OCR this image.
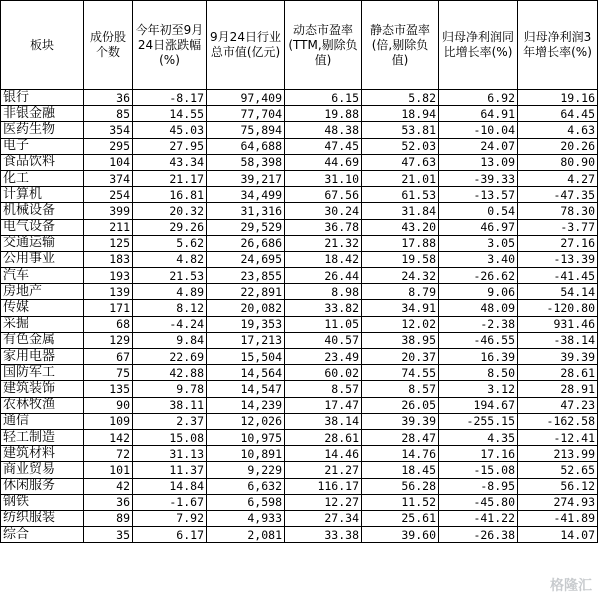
板块	成份股个数	今年初至9月24日涨跌幅(%)	9月24日行业总市值(亿元)	动态市盈率(TTM,剔除负值)	静态市盈率(倍,剔除负值)	归母净利润同比增长率(%)	归母净利润3年增长率(%)
银行	36	-8.17	97,409	6.15	5.82	6.92	19.16
非银金融	85	14.55	77,704	19.88	18.94	64.91	64.45
医药生物	354	45.03	75,894	48.38	53.81	-10.04	4.63
电子	295	27.95	64,688	47.45	52.03	24.07	20.26
食品饮料	104	43.34	58,398	44.69	47.63	13.09	80.90
化工	374	21.17	39,217	31.10	21.01	-39.33	4.27
计算机	254	16.81	34,499	67.56	61.53	-13.57	-47.35
机械设备	399	20.32	31,316	30.24	31.84	0.54	78.30
电气设备	211	29.26	29,529	36.78	43.20	46.97	-3.77
交通运输	125	5.62	26,686	21.32	17.88	3.05	27.16
公用事业	183	4.82	24,695	18.42	19.58	3.40	-13.39
汽车	193	21.53	23,855	26.44	24.32	-26.62	-41.45
房地产	139	4.89	22,891	8.98	8.79	9.06	54.14
传媒	171	8.12	20,082	33.82	34.91	48.09	-120.80
采掘	68	-4.24	19,353	11.05	12.02	-2.38	931.46
有色金属	129	9.84	17,213	40.57	38.95	-46.55	-38.14
家用电器	67	22.69	15,504	23.49	20.37	16.39	39.39
国防军工	75	42.88	14,564	60.02	74.55	8.50	28.61
建筑装饰	135	9.78	14,547	8.57	8.57	3.12	28.91
农林牧渔	90	38.11	14,239	17.47	26.05	194.67	47.23
通信	109	2.37	12,026	38.14	39.39	-255.15	-162.58
轻工制造	142	15.08	10,975	28.61	28.47	4.35	-12.41
建筑材料	72	31.13	10,891	14.46	14.76	17.16	213.99
商业贸易	101	11.37	9,229	21.27	18.45	-15.08	52.65
休闲服务	42	14.84	6,632	116.17	56.28	-8.95	56.12
钢铁	36	-1.67	6,598	12.27	11.52	-45.80	274.93
纺织服装	89	7.92	4,933	27.34	25.61	-41.22	-41.89
综合	35	6.17	2,081	33.38	39.60	-26.38	14.07
格隆汇
